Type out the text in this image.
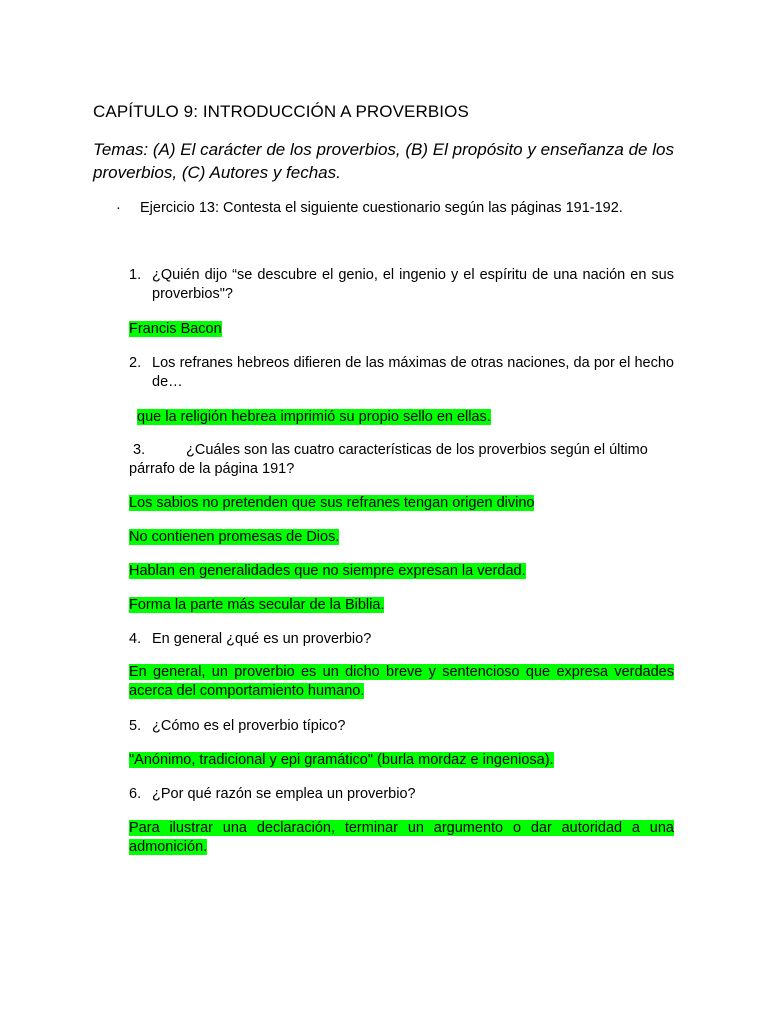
CAPÍTULO 9: INTRODUCCIÓN A PROVERBIOS
Temas: (A) El carácter de los proverbios, (B) El propósito y enseñanza de los proverbios, (C) Autores y fechas.
· Ejercicio 13: Contesta el siguiente cuestionario según las páginas 191-192.
1. ¿Quién dijo “se descubre el genio, el ingenio y el espíritu de una nación en sus proverbios"?
Francis Bacon
2. Los refranes hebreos difieren de las máximas de otras naciones, da por el hecho de…
que la religión hebrea imprimió su propio sello en ellas.
3.	¿Cuáles son las cuatro características de los proverbios según el último párrafo de la página 191?
Los sabios no pretenden que sus refranes tengan origen divino
No contienen promesas de Dios.
Hablan en generalidades que no siempre expresan la verdad.
Forma la parte más secular de la Biblia.
4. En general ¿qué es un proverbio?
En general, un proverbio es un dicho breve y sentencioso que expresa verdades acerca del comportamiento humano.
5. ¿Cómo es el proverbio típico?
"Anónimo, tradicional y epi gramático" (burla mordaz e ingeniosa).
6. ¿Por qué razón se emplea un proverbio?
Para ilustrar una declaración, terminar un argumento o dar autoridad a una admonición.
